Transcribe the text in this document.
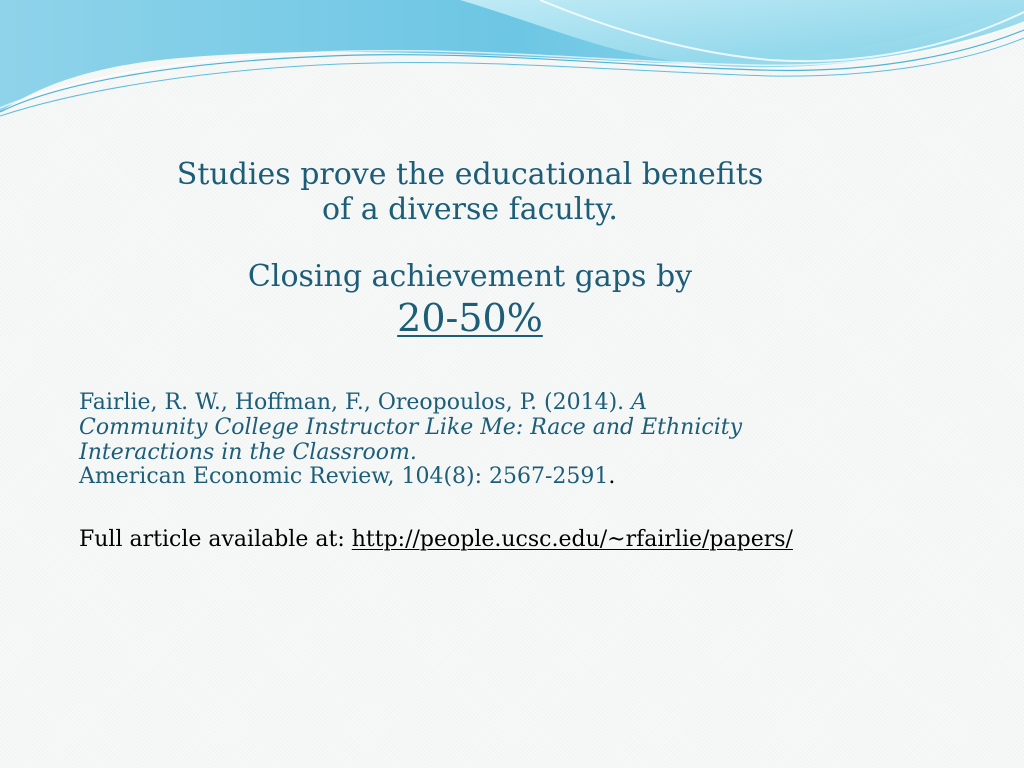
Studies prove the educational benefits

of a diverse faculty.

Closing achievement gaps by

20-50%

Fairlie, R. W., Hoffman, F., Oreopoulos, P. (2014). A

Community College Instructor Like Me: Race and Ethnicity

Interactions in the Classroom.

American Economic Review, 104(8): 2567-2591.

Full article available at: http://people.ucsc.edu/~rfairlie/papers/
